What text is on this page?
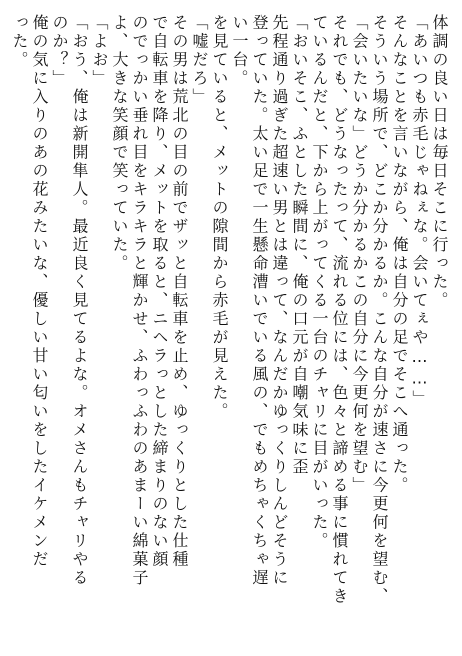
体調の良い日は毎日そこに行った。

「あいつも赤毛じゃねぇな。会いてぇや……」

そんなことを言いながら、俺は自分の足でそこへ通った。

そういう場所で、どこか分かるか。こんな自分が速さに今更何を望む、

「会いたいな」どうか分かるかこの自分に今更何を望む」

それでも、どうなったって、流れる位には、色々と諦める事に慣れてき

ているんだと、下から上がってくる一台のチャリに目がいった。

「おいそこ、ふとした瞬間に、俺の口元が自嘲気味に歪

先程通り過ぎた超速い男とは違って、なんだかゆっくりしんどそうに

登っていた。太い足で一生懸命漕いでいる風の、でもめちゃくちゃ遅

い一台。

を見ていると、メットの隙間から赤毛が見えた。

「嘘だろ」

その男は荒北の目の前でザッと自転車を止め、ゆっくりとした仕種

で自転車を降り、メットを取ると、ニヘラっとした締まりのない顔

のでっかい垂れ目をキラキラと輝かせ、ふわっふわのあまーい綿菓子

よ、大きな笑顔で笑っていた。

「よお」

「おう、俺は新開隼人。最近良く見てるよな。オメさんもチャリやる

のか？」

俺の気に入りのあの花みたいな、優しい甘い匂いをしたイケメンだ

った。
